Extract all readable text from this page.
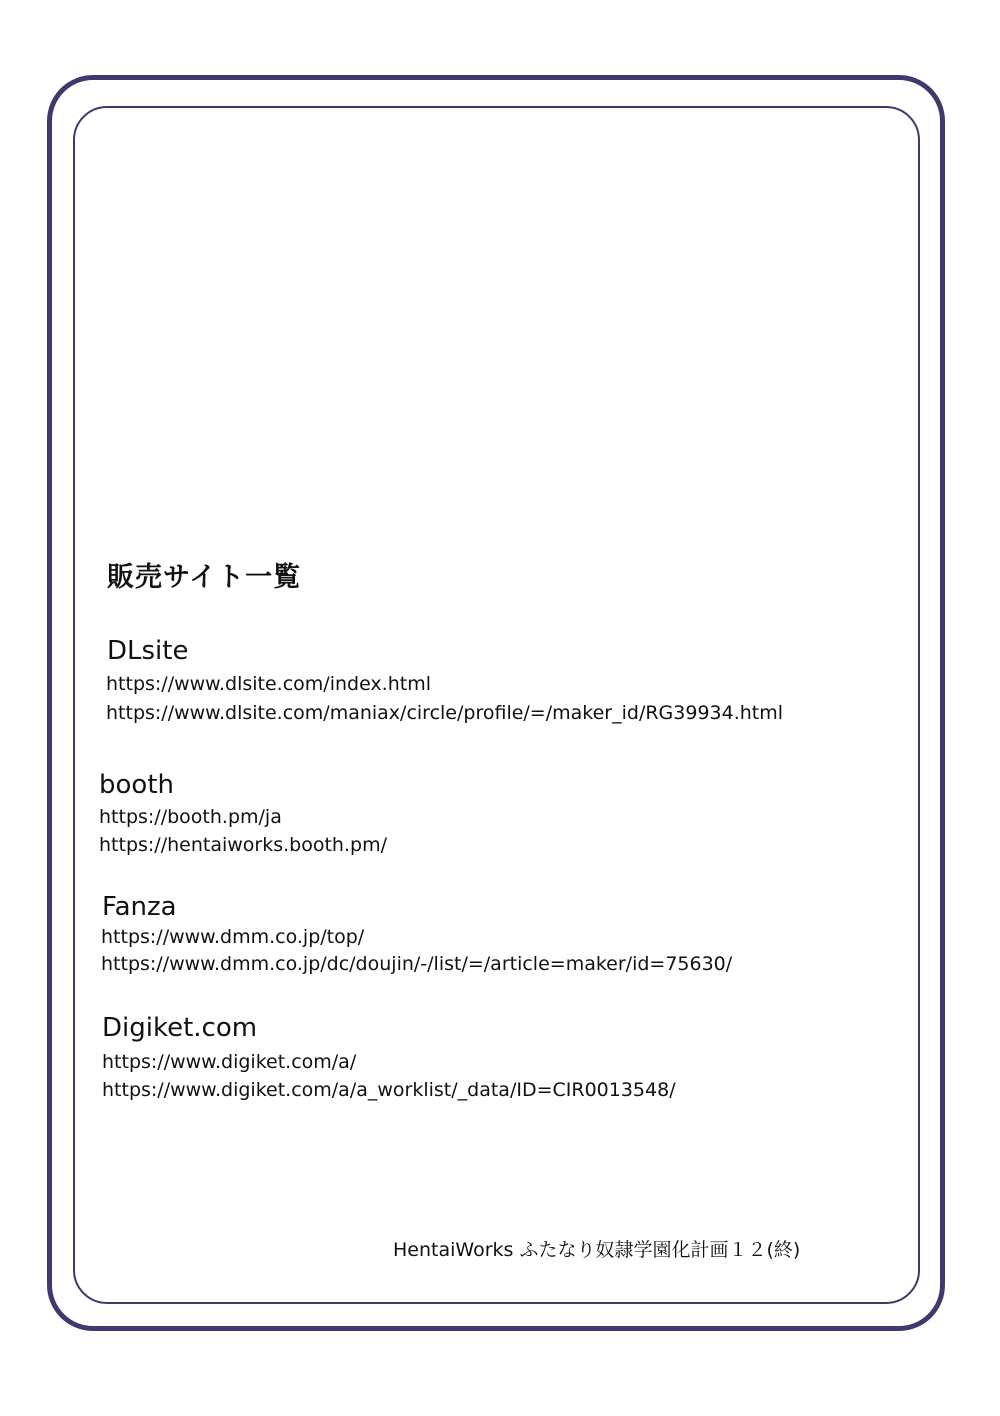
販売サイト一覧
DLsite
https://www.dlsite.com/index.html
https://www.dlsite.com/maniax/circle/profile/=/maker_id/RG39934.html
booth
https://booth.pm/ja
https://hentaiworks.booth.pm/
Fanza
https://www.dmm.co.jp/top/
https://www.dmm.co.jp/dc/doujin/-/list/=/article=maker/id=75630/
Digiket.com
https://www.digiket.com/a/
https://www.digiket.com/a/a_worklist/_data/ID=CIR0013548/
HentaiWorks ふたなり奴隷学園化計画１２(終)
